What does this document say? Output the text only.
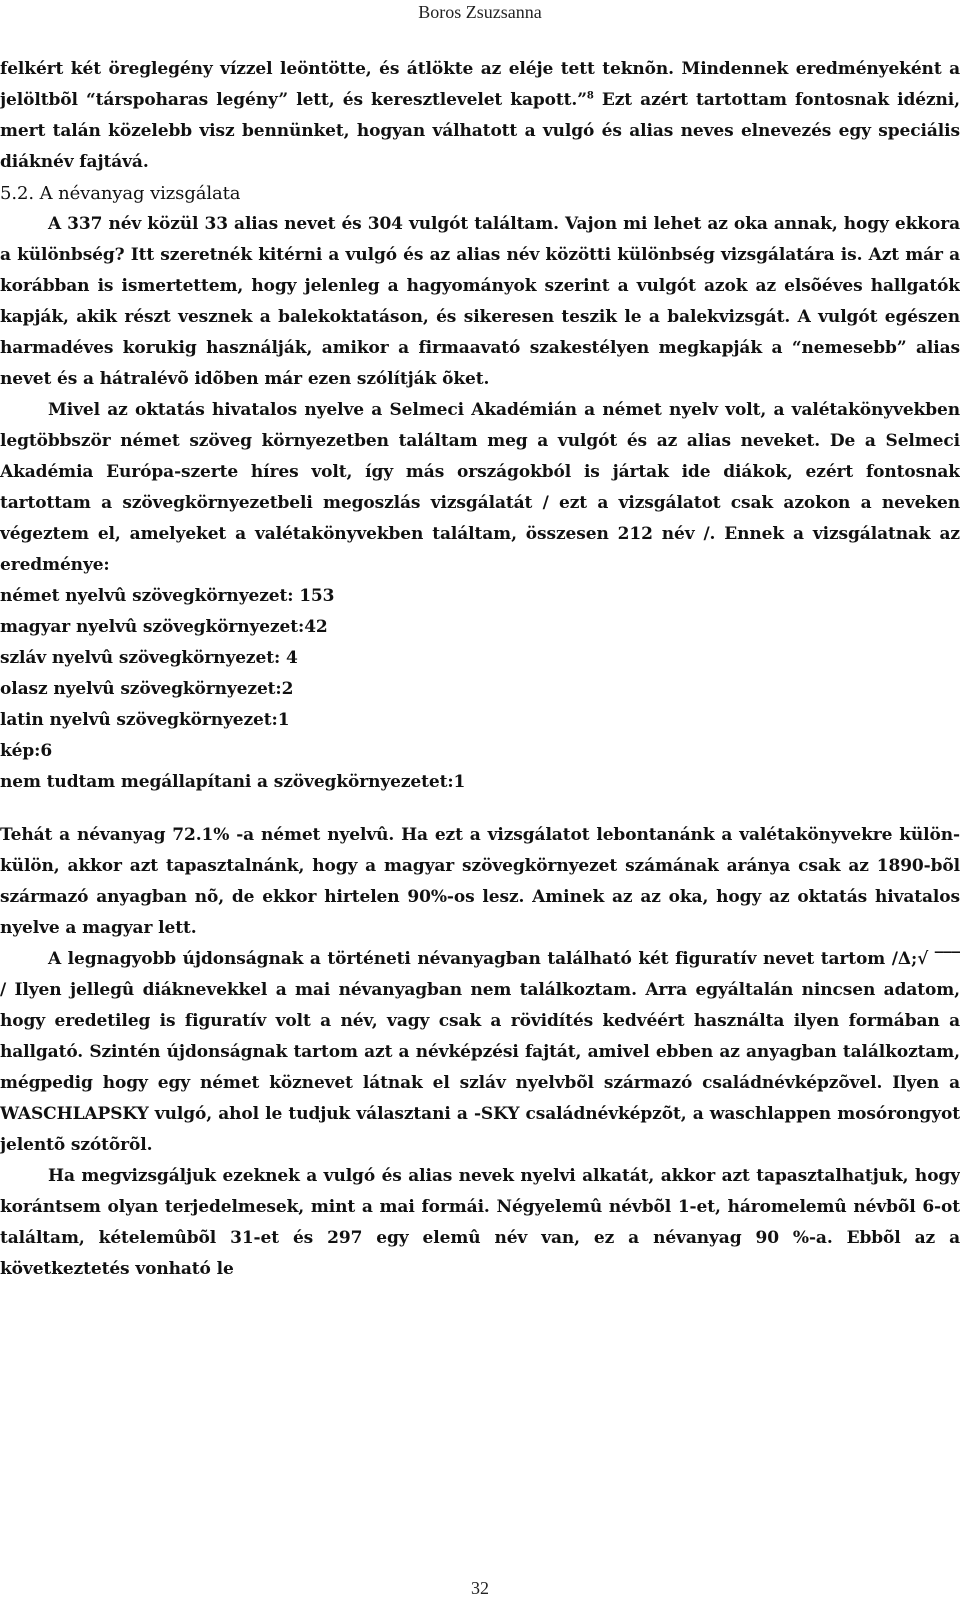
Boros Zsuzsanna

felkért két öreglegény vízzel leöntötte, és átlökte az eléje tett teknõn. Mindennek eredményeként a jelöltbõl “társpoharas legény” lett, és keresztlevelet kapott.”$^8$ Ezt azért tartottam fontosnak idézni, mert talán közelebb visz bennünket, hogyan válhatott a vulgó és alias neves elnevezés egy speciális diáknév fajtává.

5.2. A névanyag vizsgálata

A 337 név közül 33 alias nevet és 304 vulgót találtam. Vajon mi lehet az oka annak, hogy ekkora a különbség? Itt szeretnék kitérni a vulgó és az alias név közötti különbség vizsgálatára is. Azt már a korábban is ismertettem, hogy jelenleg a hagyományok szerint a vulgót azok az elsõéves hallgatók kapják, akik részt vesznek a balekoktatáson, és sikeresen teszik le a balekvizsgát. A vulgót egészen harmadéves korukig használják, amikor a firmaavató szakestélyen megkapják a “nemesebb” alias nevet és a hátralévõ idõben már ezen szólítják õket.

Mivel az oktatás hivatalos nyelve a Selmeci Akadémián a német nyelv volt, a valétakönyvekben legtöbbször német szöveg környezetben találtam meg a vulgót és az alias neveket. De a Selmeci Akadémia Európa-szerte híres volt, így más országokból is jártak ide diákok, ezért fontosnak tartottam a szövegkörnyezetbeli megoszlás vizsgálatát / ezt a vizsgálatot csak azokon a neveken végeztem el, amelyeket a valétakönyvekben találtam, összesen 212 név /. Ennek a vizsgálatnak az eredménye:

német nyelvû szövegkörnyezet: 153

magyar nyelvû szövegkörnyezet:42

szláv nyelvû szövegkörnyezet: 4

olasz nyelvû szövegkörnyezet:2

latin nyelvû szövegkörnyezet:1

kép:6

nem tudtam megállapítani a szövegkörnyezetet:1

Tehát a névanyag 72.1% -a német nyelvû. Ha ezt a vizsgálatot lebontanánk a valétakönyvekre külön-külön, akkor azt tapasztalnánk, hogy a magyar szövegkörnyezet számának aránya csak az 1890-bõl származó anyagban nõ, de ekkor hirtelen 90%-os lesz. Aminek az az oka, hogy az oktatás hivatalos nyelve a magyar lett.

A legnagyobb újdonságnak a történeti névanyagban található két figuratív nevet tartom /Δ;√ ‾‾‾ / Ilyen jellegû diáknevekkel a mai névanyagban nem találkoztam. Arra egyáltalán nincsen adatom, hogy eredetileg is figuratív volt a név, vagy csak a rövidítés kedvéért használta ilyen formában a hallgató. Szintén újdonságnak tartom azt a névképzési fajtát, amivel ebben az anyagban találkoztam, mégpedig hogy egy német köznevet látnak el szláv nyelvbõl származó családnévképzõvel. Ilyen a WASCHLAPSKY vulgó, ahol le tudjuk választani a -SKY családnévképzõt, a waschlappen mosórongyot jelentõ szótõrõl.

Ha megvizsgáljuk ezeknek a vulgó és alias nevek nyelvi alkatát, akkor azt tapasztalhatjuk, hogy korántsem olyan terjedelmesek, mint a mai formái. Négyelemû névbõl 1-et, háromelemû névbõl 6-ot találtam, kételemûbõl 31-et és 297 egy elemû név van, ez a névanyag 90 %-a. Ebbõl az a következtetés vonható le

32
